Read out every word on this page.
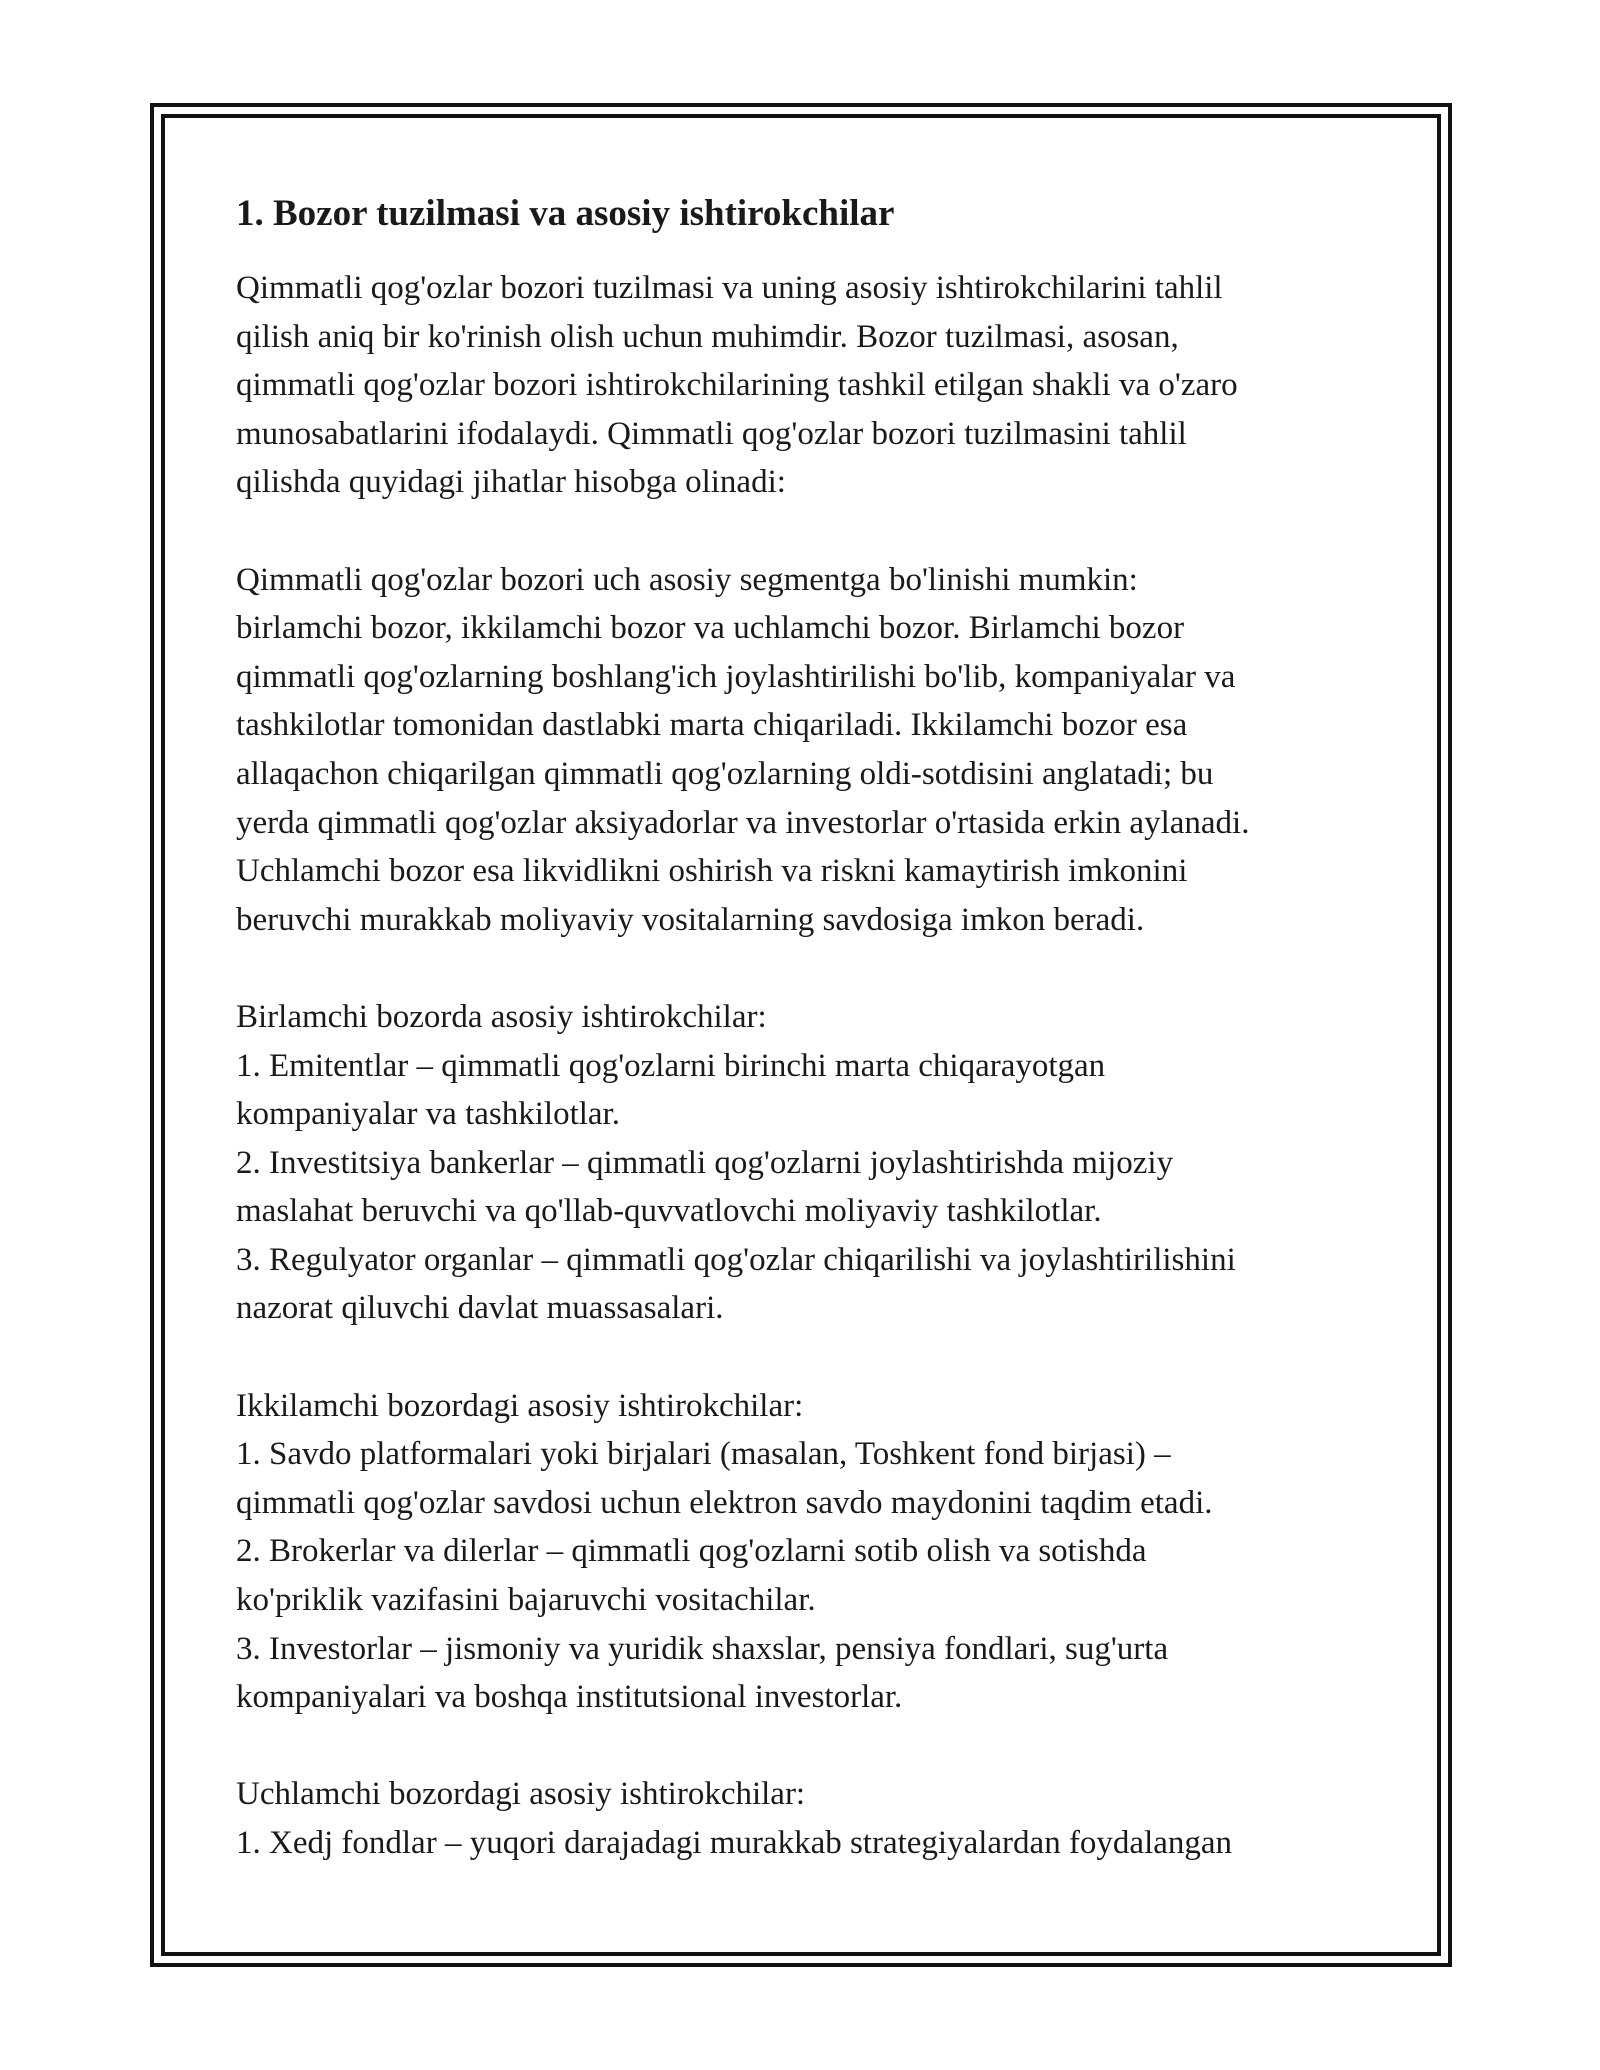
1. Bozor tuzilmasi va asosiy ishtirokchilar

Qimmatli qog'ozlar bozori tuzilmasi va uning asosiy ishtirokchilarini tahlil
qilish aniq bir ko'rinish olish uchun muhimdir. Bozor tuzilmasi, asosan,
qimmatli qog'ozlar bozori ishtirokchilarining tashkil etilgan shakli va o'zaro
munosabatlarini ifodalaydi. Qimmatli qog'ozlar bozori tuzilmasini tahlil
qilishda quyidagi jihatlar hisobga olinadi:

Qimmatli qog'ozlar bozori uch asosiy segmentga bo'linishi mumkin:
birlamchi bozor, ikkilamchi bozor va uchlamchi bozor. Birlamchi bozor
qimmatli qog'ozlarning boshlang'ich joylashtirilishi bo'lib, kompaniyalar va
tashkilotlar tomonidan dastlabki marta chiqariladi. Ikkilamchi bozor esa
allaqachon chiqarilgan qimmatli qog'ozlarning oldi-sotdisini anglatadi; bu
yerda qimmatli qog'ozlar aksiyadorlar va investorlar o'rtasida erkin aylanadi.
Uchlamchi bozor esa likvidlikni oshirish va riskni kamaytirish imkonini
beruvchi murakkab moliyaviy vositalarning savdosiga imkon beradi.

Birlamchi bozorda asosiy ishtirokchilar:

1. Emitentlar – qimmatli qog'ozlarni birinchi marta chiqarayotgan
kompaniyalar va tashkilotlar.

2. Investitsiya bankerlar – qimmatli qog'ozlarni joylashtirishda mijoziy
maslahat beruvchi va qo'llab-quvvatlovchi moliyaviy tashkilotlar.

3. Regulyator organlar – qimmatli qog'ozlar chiqarilishi va joylashtirilishini
nazorat qiluvchi davlat muassasalari.

Ikkilamchi bozordagi asosiy ishtirokchilar:

1. Savdo platformalari yoki birjalari (masalan, Toshkent fond birjasi) –
qimmatli qog'ozlar savdosi uchun elektron savdo maydonini taqdim etadi.

2. Brokerlar va dilerlar – qimmatli qog'ozlarni sotib olish va sotishda
ko'priklik vazifasini bajaruvchi vositachilar.

3. Investorlar – jismoniy va yuridik shaxslar, pensiya fondlari, sug'urta
kompaniyalari va boshqa institutsional investorlar.

Uchlamchi bozordagi asosiy ishtirokchilar:

1. Xedj fondlar – yuqori darajadagi murakkab strategiyalardan foydalangan
